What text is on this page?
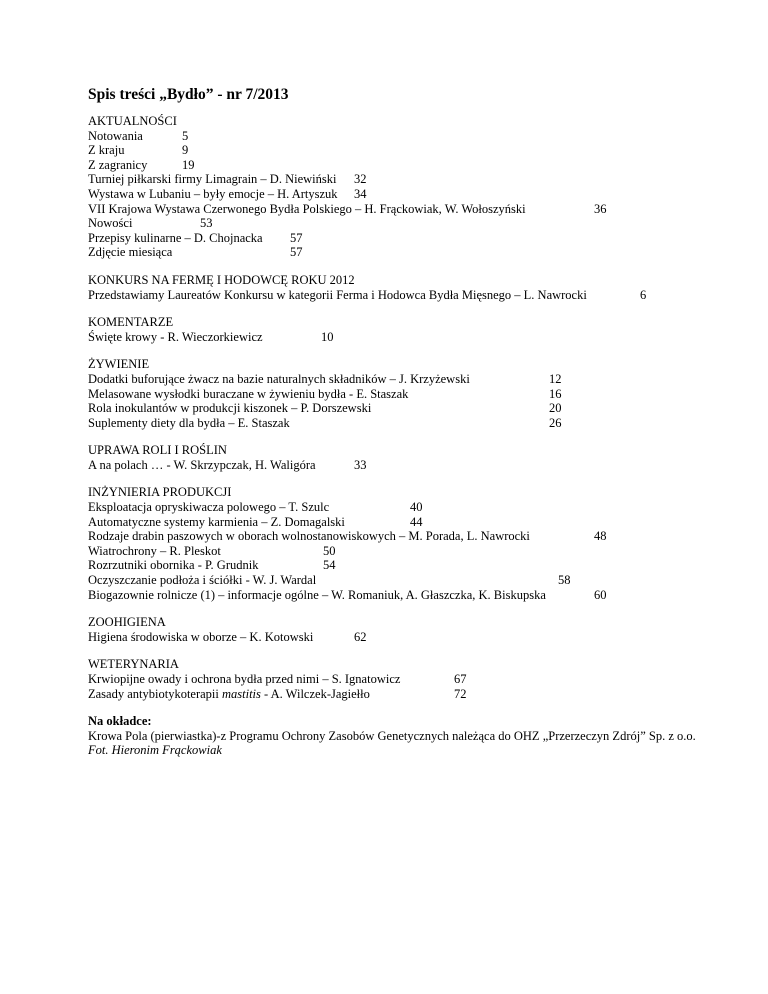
Spis treści „Bydło” - nr 7/2013
AKTUALNOŚCI
Notowania	5
Z kraju	9
Z zagranicy	19
Turniej piłkarski firmy Limagrain – D. Niewiński 32
Wystawa w Lubaniu – były emocje – H. Artyszuk 34
VII Krajowa Wystawa Czerwonego Bydła Polskiego – H. Frąckowiak, W. Wołoszyński	36
Nowości	53
Przepisy kulinarne – D. Chojnacka 57
Zdjęcie miesiąca	57
KONKURS NA FERMĘ I HODOWCĘ ROKU 2012
Przedstawiamy Laureatów Konkursu w kategorii Ferma i Hodowca Bydła Mięsnego – L. Nawrocki	6
KOMENTARZE
Święte krowy - R. Wieczorkiewicz	10
ŻYWIENIE
Dodatki buforujące żwacz na bazie naturalnych składników – J. Krzyżewski	12
Melasowane wysłodki buraczane w żywieniu bydła - E. Staszak	16
Rola inokulantów w produkcji kiszonek – P. Dorszewski	20
Suplementy diety dla bydła – E. Staszak	26
UPRAWA ROLI I ROŚLIN
A na polach … - W. Skrzypczak, H. Waligóra	33
INŻYNIERIA PRODUKCJI
Eksploatacja opryskiwacza polowego – T. Szulc	40
Automatyczne systemy karmienia – Z. Domagalski	44
Rodzaje drabin paszowych w oborach wolnostanowiskowych – M. Porada, L. Nawrocki	48
Wiatrochrony – R. Pleskot	50
Rozrzutniki obornika - P. Grudnik	54
Oczyszczanie podłoża i ściółki - W. J. Wardal	58
Biogazownie rolnicze (1) – informacje ogólne – W. Romaniuk, A. Głaszczka, K. Biskupska	60
ZOOHIGIENA
Higiena środowiska w oborze – K. Kotowski	62
WETERYNARIA
Krwiopijne owady i ochrona bydła przed nimi – S. Ignatowicz	67
Zasady antybiotykoterapii mastitis - A. Wilczek-Jagiełło	72
Na okładce:
Krowa Pola (pierwiastka)-z Programu Ochrony Zasobów Genetycznych należąca do OHZ „Przerzeczyn Zdrój” Sp. z o.o.
Fot. Hieronim Frąckowiak
